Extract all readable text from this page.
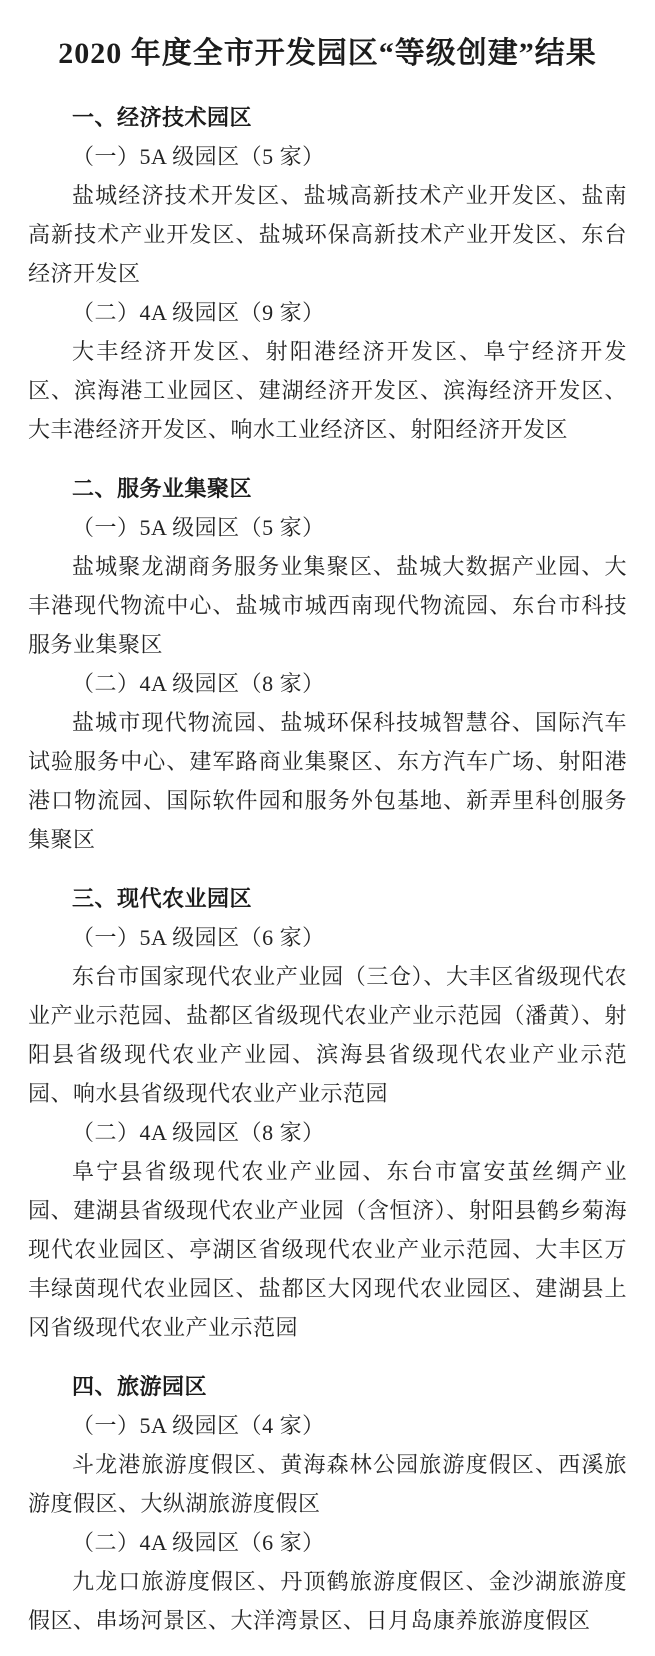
2020 年度全市开发园区“等级创建”结果
一、经济技术园区

（一）5A 级园区（5 家）

盐城经济技术开发区、盐城高新技术产业开发区、盐南高新技术产业开发区、盐城环保高新技术产业开发区、东台经济开发区

（二）4A 级园区（9 家）

大丰经济开发区、射阳港经济开发区、阜宁经济开发区、滨海港工业园区、建湖经济开发区、滨海经济开发区、大丰港经济开发区、响水工业经济区、射阳经济开发区

二、服务业集聚区

（一）5A 级园区（5 家）

盐城聚龙湖商务服务业集聚区、盐城大数据产业园、大丰港现代物流中心、盐城市城西南现代物流园、东台市科技服务业集聚区

（二）4A 级园区（8 家）

盐城市现代物流园、盐城环保科技城智慧谷、国际汽车试验服务中心、建军路商业集聚区、东方汽车广场、射阳港港口物流园、国际软件园和服务外包基地、新弄里科创服务集聚区

三、现代农业园区

（一）5A 级园区（6 家）

东台市国家现代农业产业园（三仓）、大丰区省级现代农业产业示范园、盐都区省级现代农业产业示范园（潘黄）、射阳县省级现代农业产业园、滨海县省级现代农业产业示范园、响水县省级现代农业产业示范园

（二）4A 级园区（8 家）

阜宁县省级现代农业产业园、东台市富安茧丝绸产业园、建湖县省级现代农业产业园（含恒济）、射阳县鹤乡菊海现代农业园区、亭湖区省级现代农业产业示范园、大丰区万丰绿茵现代农业园区、盐都区大冈现代农业园区、建湖县上冈省级现代农业产业示范园

四、旅游园区

（一）5A 级园区（4 家）

斗龙港旅游度假区、黄海森林公园旅游度假区、西溪旅游度假区、大纵湖旅游度假区

（二）4A 级园区（6 家）

九龙口旅游度假区、丹顶鹤旅游度假区、金沙湖旅游度假区、串场河景区、大洋湾景区、日月岛康养旅游度假区
